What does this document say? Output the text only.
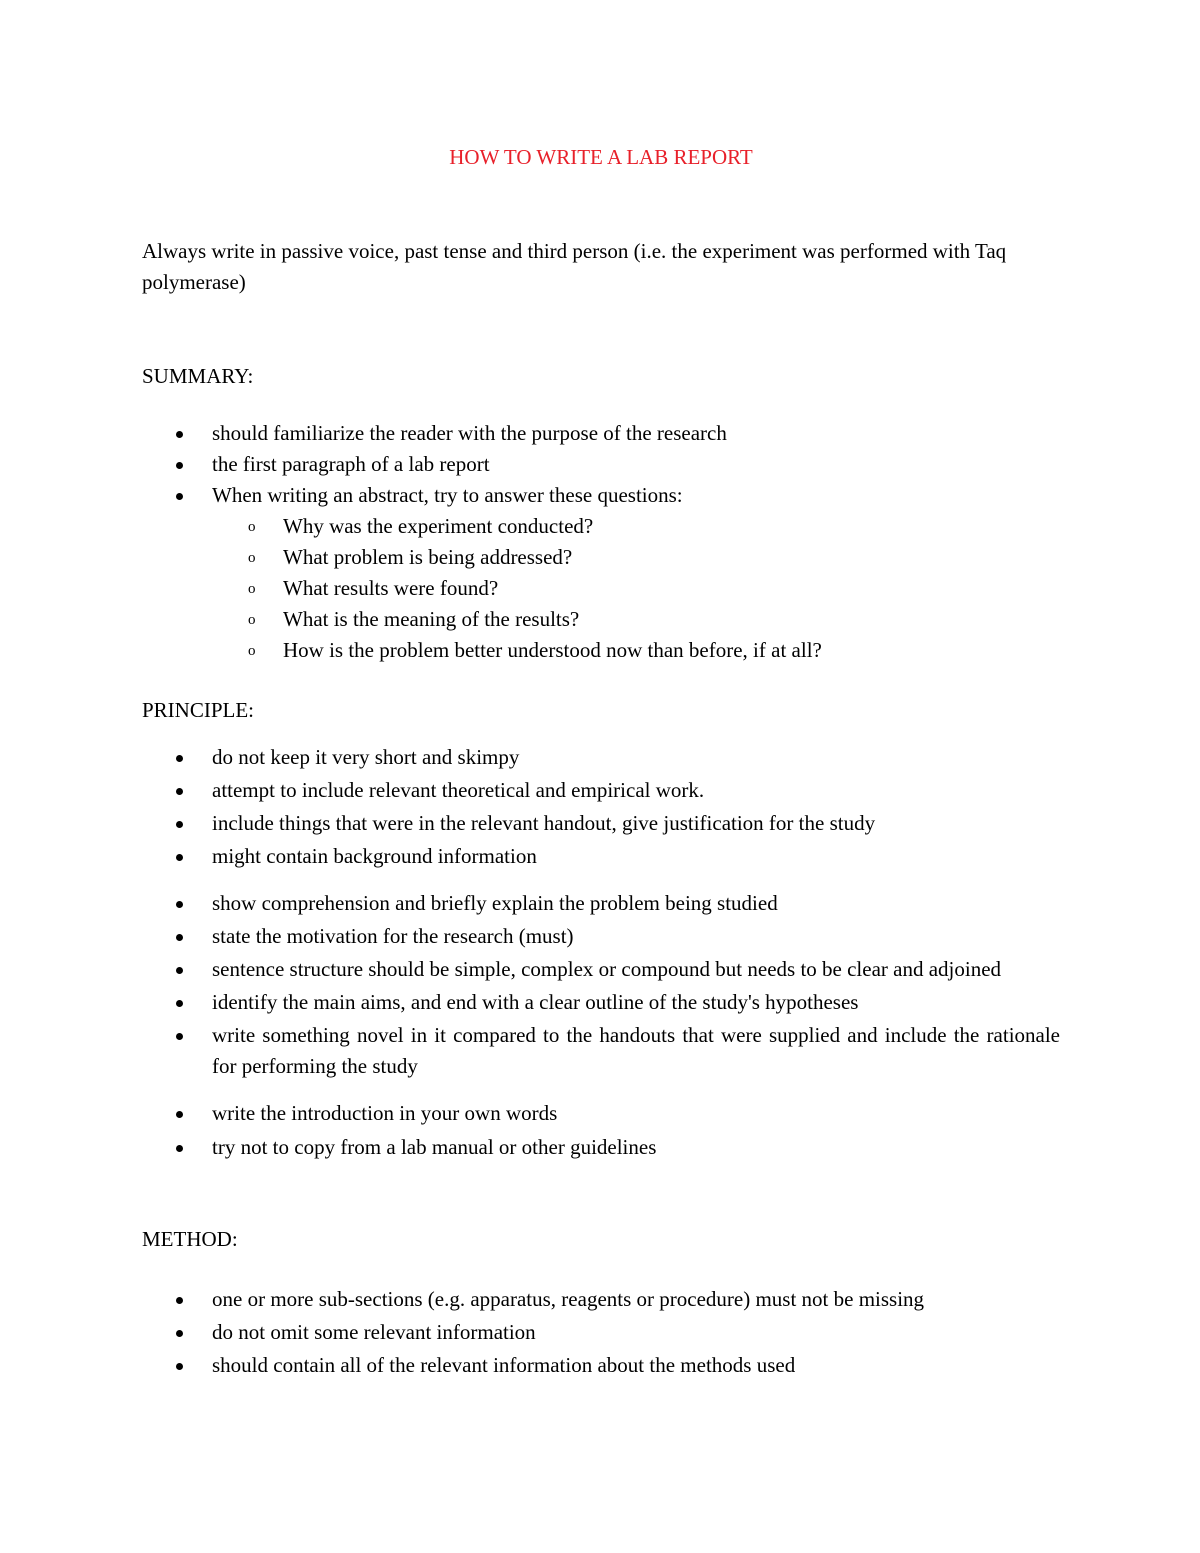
HOW TO WRITE A LAB REPORT

Always write in passive voice, past tense and third person (i.e. the experiment was performed with Taq polymerase)

SUMMARY:

should familiarize the reader with the purpose of the research
the first paragraph of a lab report
When writing an abstract, try to answer these questions:
o Why was the experiment conducted?
o What problem is being addressed?
o What results were found?
o What is the meaning of the results?
o How is the problem better understood now than before, if at all?

PRINCIPLE:

do not keep it very short and skimpy
attempt to include relevant theoretical and empirical work.
include things that were in the relevant handout, give justification for the study
might contain background information
show comprehension and briefly explain the problem being studied
state the motivation for the research (must)
sentence structure should be simple, complex or compound but needs to be clear and adjoined
identify the main aims, and end with a clear outline of the study's hypotheses
write something novel in it compared to the handouts that were supplied and include the rationale for performing the study
write the introduction in your own words
try not to copy from a lab manual or other guidelines

METHOD:

one or more sub-sections (e.g. apparatus, reagents or procedure) must not be missing
do not omit some relevant information
should contain all of the relevant information about the methods used
